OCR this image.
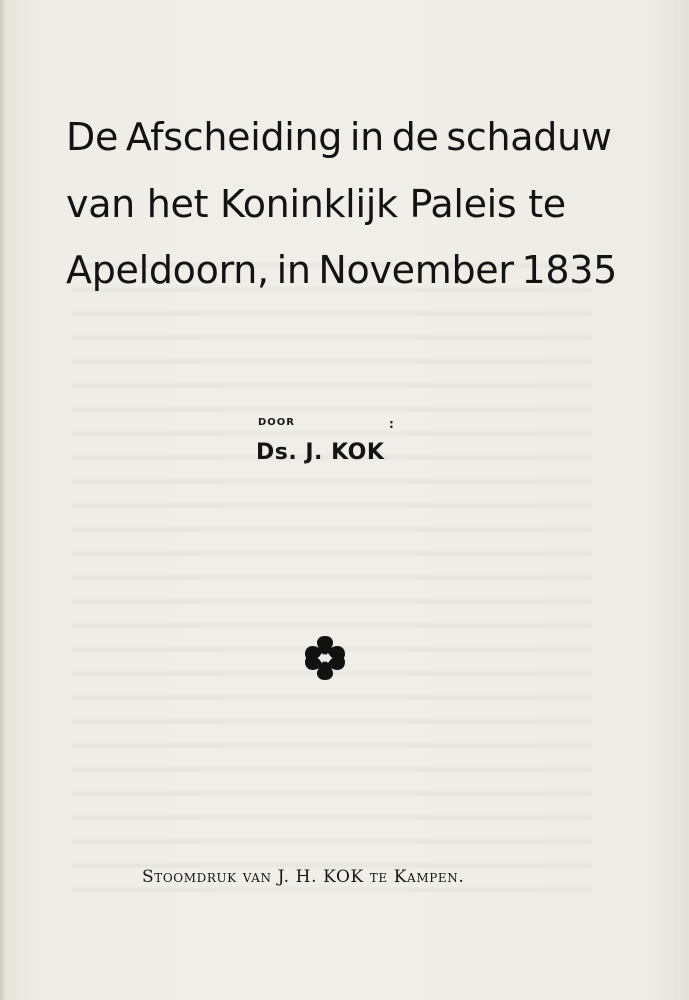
De Afscheiding in de schaduw
van het Koninklijk Paleis te
Apeldoorn, in November 1835
DOOR	:
Ds. J. KOK
Stoomdruk van J. H. KOK te Kampen.
